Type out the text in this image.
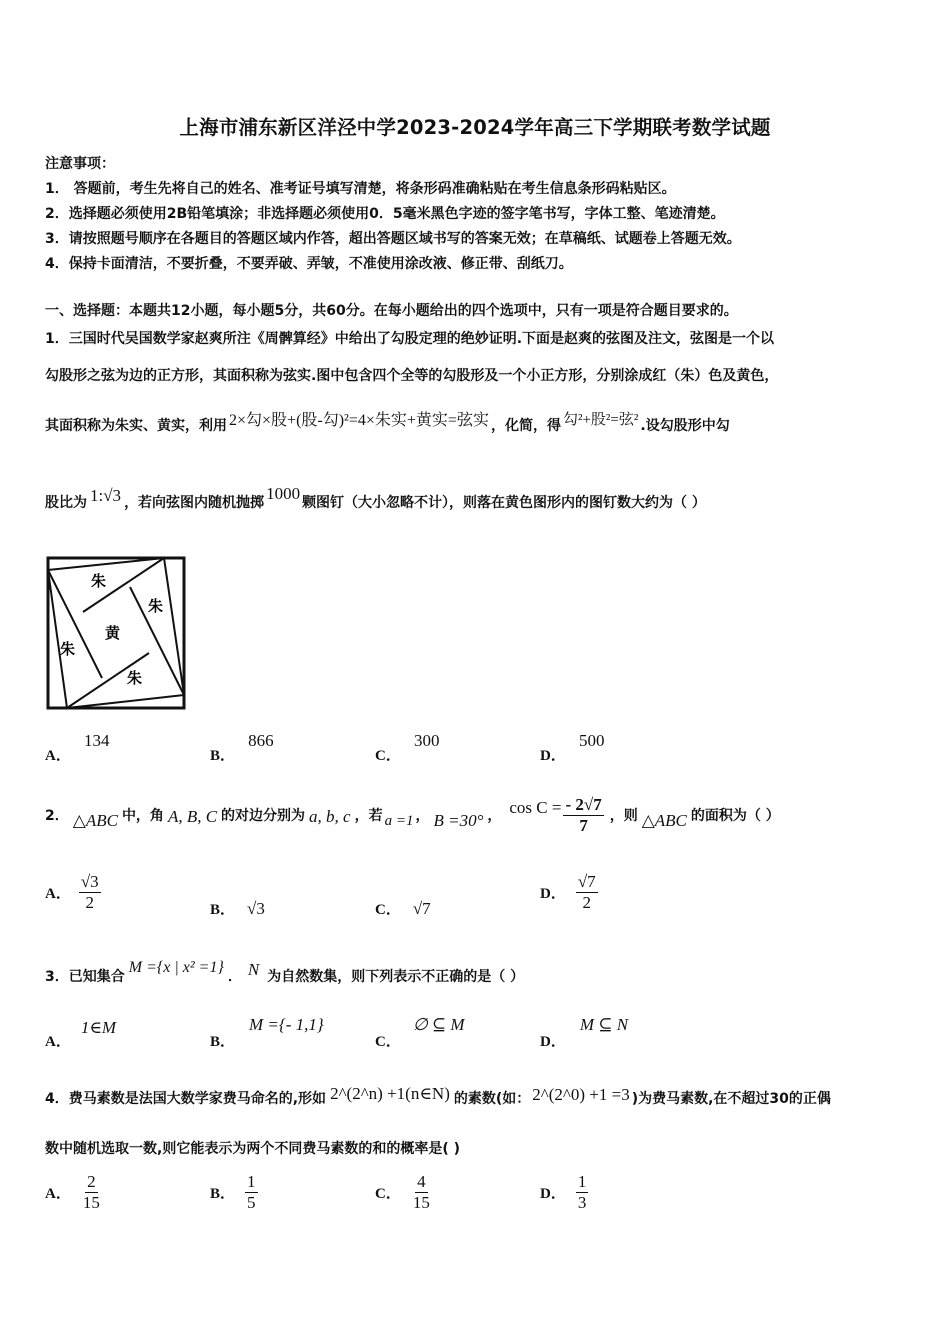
上海市浦东新区洋泾中学2023-2024学年高三下学期联考数学试题
注意事项：
1． 答题前，考生先将自己的姓名、准考证号填写清楚，将条形码准确粘贴在考生信息条形码粘贴区。
2．选择题必须使用2B铅笔填涂；非选择题必须使用0．5毫米黑色字迹的签字笔书写，字体工整、笔迹清楚。
3．请按照题号顺序在各题目的答题区域内作答，超出答题区域书写的答案无效；在草稿纸、试题卷上答题无效。
4．保持卡面清洁，不要折叠，不要弄破、弄皱，不准使用涂改液、修正带、刮纸刀。
一、选择题：本题共12小题，每小题5分，共60分。在每小题给出的四个选项中，只有一项是符合题目要求的。
1．三国时代吴国数学家赵爽所注《周髀算经》中给出了勾股定理的绝妙证明.下面是赵爽的弦图及注文，弦图是一个以
勾股形之弦为边的正方形，其面积称为弦实.图中包含四个全等的勾股形及一个小正方形，分别涂成红（朱）色及黄色，
其面积称为朱实、黄实，利用 2×勾×股+(股-勾)²=4×朱实+黄实=弦实 ，化简，得 勾²+股²=弦² .设勾股形中勾
股比为 1:√3 ，若向弦图内随机抛掷 1000 颗图钉（大小忽略不计），则落在黄色图形内的图钉数大约为（ ）
朱
朱
黄
朱
朱
A． 134
B． 866
C． 300
D． 500
2． △ABC 中，角 A, B, C 的对边分别为 a, b, c ，若 a =1 ， B =30° ， $\cos C = \frac{- 2√7}{7}$ ，则 △ABC 的面积为（ ）
A． $\frac{√3}{2}$	B． √3	C． √7
D． $\frac{√7}{2}$
3．已知集合
M ={x | x² =1}
． N 为自然数集，则下列表示不正确的是（ ）
A．
1∈M
B．
M ={- 1,1}
C．
∅ ⊆ M
D．
M ⊆ N
4．费马素数是法国大数学家费马命名的,形如 2^(2^n) +1(n∈N) 的素数(如： 2^(2^0) +1 =3 )为费马素数,在不超过30的正偶
数中随机选取一数,则它能表示为两个不同费马素数的和的概率是( )
A． $\frac{2}{15}$	B． $\frac{1}{5}$	C． $\frac{4}{15}$	D． $\frac{1}{3}$
